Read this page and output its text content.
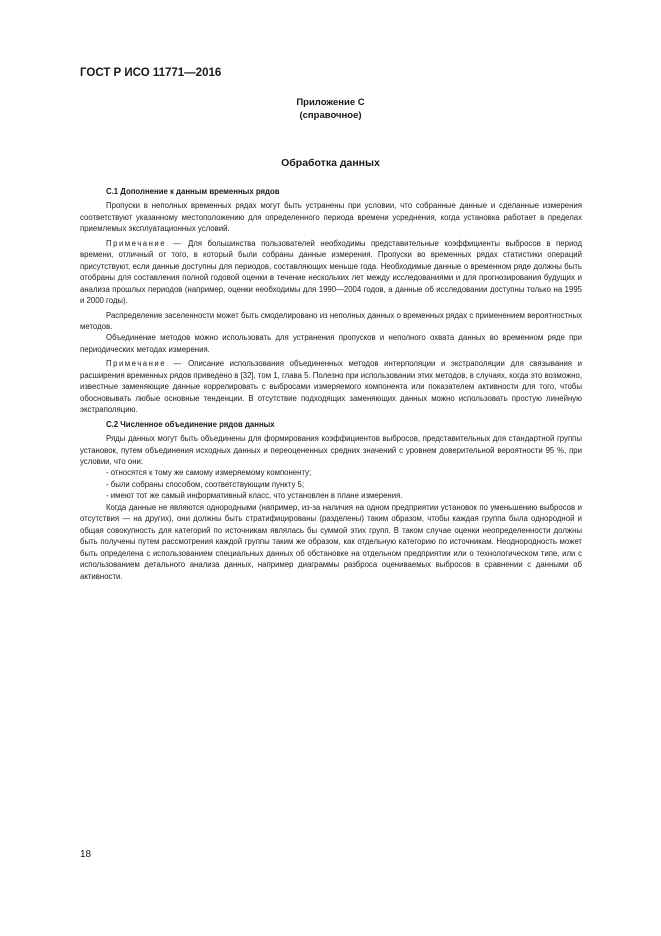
ГОСТ Р ИСО 11771—2016
Приложение С
(справочное)
Обработка данных
С.1 Дополнение к данным временных рядов

Пропуски в неполных временных рядах могут быть устранены при условии, что собранные данные и сделанные измерения соответствуют указанному местоположению для определенного периода времени усреднения, когда установка работает в пределах приемлемых эксплуатационных условий.

Примечание — Для большинства пользователей необходимы представительные коэффициенты выбросов в период времени, отличный от того, в который были собраны данные измерения. Пропуски во временных рядах статистики операций присутствуют, если данные доступны для периодов, составляющих меньше года. Необходимые данные о временном ряде должны быть отобраны для составления полной годовой оценки в течение нескольких лет между исследованиями и для прогнозирования будущих и анализа прошлых периодов (например, оценки необходимы для 1990—2004 годов, а данные об исследовании доступны только на 1995 и 2000 годы).

Распределение заселенности может быть смоделировано из неполных данных о временных рядах с применением вероятностных методов.

Объединение методов можно использовать для устранения пропусков и неполного охвата данных во временном ряде при периодических методах измерения.

Примечание — Описание использования объединенных методов интерполяции и экстраполяции для связывания и расширения временных рядов приведено в [32], том 1, глава 5. Полезно при использовании этих методов, в случаях, когда это возможно, известные заменяющие данные коррелировать с выбросами измеряемого компонента или показателем активности для того, чтобы обосновывать любые основные тенденции. В отсутствие подходящих заменяющих данных можно использовать простую линейную экстраполяцию.

С.2 Численное объединение рядов данных

Ряды данных могут быть объединены для формирования коэффициентов выбросов, представительных для стандартной группы установок, путем объединения исходных данных и переоцененных средних значений с уровнем доверительной вероятности 95 %, при условии, что они:

- относятся к тому же самому измеряемому компоненту;
- были собраны способом, соответствующим пункту 5;
- имеют тот же самый информативный класс, что установлен в плане измерения.

Когда данные не являются однородными (например, из-за наличия на одном предприятии установок по уменьшению выбросов и отсутствия — на других), они должны быть стратифицированы (разделены) таким образом, чтобы каждая группа была однородной и общая совокупность для категорий по источникам являлась бы суммой этих групп. В таком случае оценки неопределенности должны быть получены путем рассмотрения каждой группы таким же образом, как отдельную категорию по источникам. Неоднородность может быть определена с использованием специальных данных об обстановке на отдельном предприятии или о технологическом типе, или с использованием детального анализа данных, например диаграммы разброса оцениваемых выбросов в сравнении с данными об активности.

18
